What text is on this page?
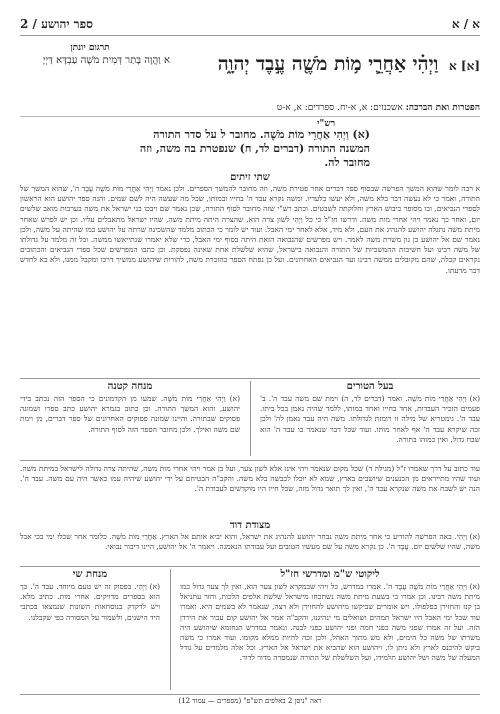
א / א
2 / ספר יהושע
תרגום יונתן
א וַהֲוָה בָּתַר דְּמִית מֹשֶׁה עַבְדָּא דַּיְיָ	[א] א וַיְהִ֗י אַחֲרֵ֛י מ֥וֹת מֹשֶׁ֖ה עֶ֣בֶד יְהוָ֑ה
הפטרות ואת הברכה: אשכנזים: א, א-יח. ספרדים: א, א-ט
רש"י
(א) וַיְהִי אַחֲרֵי מוֹת מֹשֶׁה. מחובר ל על סדר התורה המשנה התורה (דברים לד, ח) שנפטרת בה משה, וזה מחובר לה.
שתי זיתים
א רבה לומר שהוא המשך הפרשה שבסוף ספר דברים אחר פטירת משה, וזה מחובר להמשך הספרים. ולכן נאמר וַיְהִי אַחֲרֵי מוֹת מֹשֶׁה עֶבֶד ה', שהוא המשך של התורה, ואמר כי לא נעשה דבר בלא משה, ולא יעשו בלעדיו. ומשה נקרא עבד ה' בחייו ובמותו, שכל מה שעשה היה לשם שמים. והנה ספר יהושע הוא הראשון לספרי הנביאים, ובו מסופר כיבוש הארץ וחלוקתה לשבטים. וכתב רש"י שזה מחובר לסוף התורה, שכן נאמר שם ויבכו בני ישראל את משה בערבות מואב שלשים יום, ואחר כך נאמר ויהי אחרי מות משה. ודרשו חז"ל כי כל וַיְהִי לשון צרה הוא, שהצרה היתה מיתת משה, שהיו ישראל מתאבלים עליו. וכן יש לפרש שאחר מיתת משה נתגלה יהושע להנהיג את העם, ולא מיד, אלא לאחר ימי האבל. ועוד יש לומר כי הכתוב מלמד שהשכינה שרתה על יהושע כמו שהיתה על משה, ולכן נאמר שם אל יהושע בן נון משרת משה לאמר. ויש מפרשים שהנבואה הזאת היתה בסוף ימי האבל, כדי שלא יאמרו שנתייאשו ממשה. וכל זה מלמד על גדולתו של משה רבינו ועל חשיבות ההמשכיות של התורה והנבואה בישראל, שהיא שלשלת אחת שאינה נפסקת. וכן כתבו המפרשים שכל ספרי הנביאים והכתובים נקראים קבלה, שהם מקובלים ממשה רבינו ועד הנביאים האחרונים. ועל כן נפתח הספר בהזכרת משה, להורות שיהושע ממשיך דרכו ומקבל ממנו, ולא בא לחדש דבר מדעתו.
בעל הטורים
(א) וַיְהִי אַחֲרֵי מוֹת מֹשֶׁה. ואמר (דברים לד, ה) וימת שם משה עבד ה'. ב' פעמים הזכיר העבדות, אחד בחייו ואחד במותו, ללמד שהיה נאמן בכל ביתו. עבד ה'. גימטריא של מילה זו רומזת לגדולתו. משה היה עבד נאמן לה' ולכן זכה שיקרא עבד ה' אף לאחר מותו. ועוד שכל דבר שנאמר בו עבד ה' הוא שבח גדול, ואין כמוהו בתורה.
מנחה קטנה
(א) וַיְהִי אַחֲרֵי מוֹת מֹשֶׁה. שמעו מן הקדמונים כי הספר הזה נכתב בידי יהושע, והוא המשך התורה. וכן כתוב בגמרא יהושע כתב ספרו ושמונה פסוקים שבתורה. והיינו שמונה פסוקים האחרונים של ספר דברים, מן וימת שם משה ואילך. ולכן מחובר הספר הזה לסוף התורה.
עוד כתוב על דרך שאמרו ז"ל (מגילה ד) שכל מקום שנאמר ויהי אינו אלא לשון צער, ועל כן אמר ויהי אחרי מות משה, שהיתה צרה גדולה לישראל במיתת משה. ועוד שהיו מתייראים מן הכנענים שיושבים בארץ, שמא לא יוכלו לכבשה בלא משה. והקב"ה הבטיחם על ידי יהושע שיהיה עמו כאשר היה עם משה. עבד ה'. הנה יש לשבח את משה שנקרא עבד ה', ואין לך תואר גדול מזה, שכל חייו היו מוקדשים לעבודת ה'.
מצודת דוד
(א) וַיְהִי. באה הפרשה להודיע כי אחר מיתת משה נבחר יהושע להנהיג את ישראל, והוא יביא אותם אל הארץ. אַחֲרֵי מוֹת מֹשֶׁה. כלומר אחר שכלו ימי בכי אבל משה, שהיו שלשים יום. עֶבֶד ה'. כן נקרא משה על שם מעשיו הטובים ועל עבודתו הנאמנה. ויאמר ה' אל יהושע, היינו דיבור נבואי.
ליקוטי ש"מ ומדרשי חז"ל
(א) וַיְהִי אַחֲרֵי מוֹת מֹשֶׁה עֶבֶד ה'. אמרו במדרש, כל ויהי שבמקרא לשון צער הוא, ואין לך צער גדול כמו מיתת משה רבינו. וכן אמרו כי בשעת מיתת משה נשתכחו מישראל שלשת אלפים הלכות, וחזר עתניאל בן קנז והחזירן בפלפולו. ויש אומרים שביקשו מיהושע להחזירן ולא רצה, שנאמר לא בשמים היא. ואמרו עוד שכל ימי האבל היו ישראל תמהים ושואלים מי ינהיגנו, והקב"ה אמר אל יהושע קום עבור את הירדן הזה. ועל זה אמרו שפני משה כפני חמה ופני יהושע כפני לבנה. ונאמר במדרש תנחומא שיהושע היה משרתו של משה כל הימים, ולא מש מתוך האהל, ולכן זכה להיות ממלא מקומו. ועוד אמרו כי משה ביקש להיכנס לארץ ולא ניתן לו, ויהושע הוא שהביא את ישראל אל הארץ. וכל אלה מלמדים על גודל המעלה של משה ושל יהושע תלמידו, ועל השלשלת של התורה שנמסרה מדור לדור.
מנחת שי
(א) וַיְהִי. בפסוק זה יש טעם מיוחד. עבד ה'. כך הוא בספרים מדויקים. אחרי מות. כתיב מלא. ויש לדקדק בנוסחאות השונות שנמצאו בכתבי היד הישנים, ולשמור על המסורה כפי שקבלנו.
ראה "ניסן 2 באלפים תש"פ" (מספרים — עמוד 12)
